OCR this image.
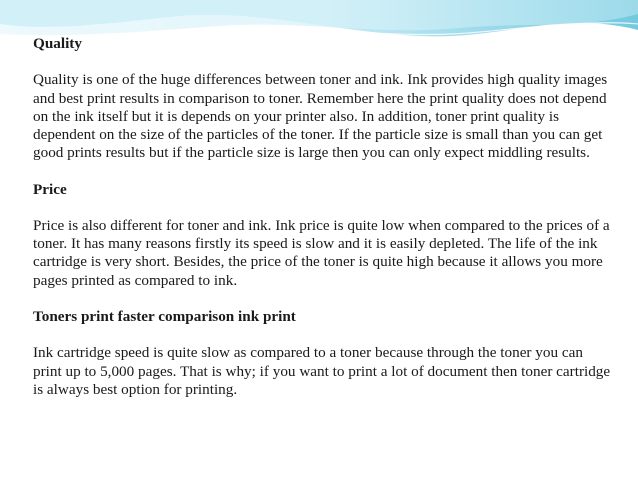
Quality

Quality is one of the huge differences between toner and ink. Ink provides high quality images and best print results in comparison to toner. Remember here the print quality does not depend on the ink itself but it is depends on your printer also. In addition, toner print quality is dependent on the size of the particles of the toner. If the particle size is small than you can get good prints results but if the particle size is large then you can only expect middling results.

Price

Price is also different for toner and ink. Ink price is quite low when compared to the prices of a toner. It has many reasons firstly its speed is slow and it is easily depleted. The life of the ink cartridge is very short. Besides, the price of the toner is quite high because it allows you more pages printed as compared to ink.

Toners print faster comparison ink print

Ink cartridge speed is quite slow as compared to a toner because through the toner you can print up to 5,000 pages. That is why; if you want to print a lot of document then toner cartridge is always best option for printing.
